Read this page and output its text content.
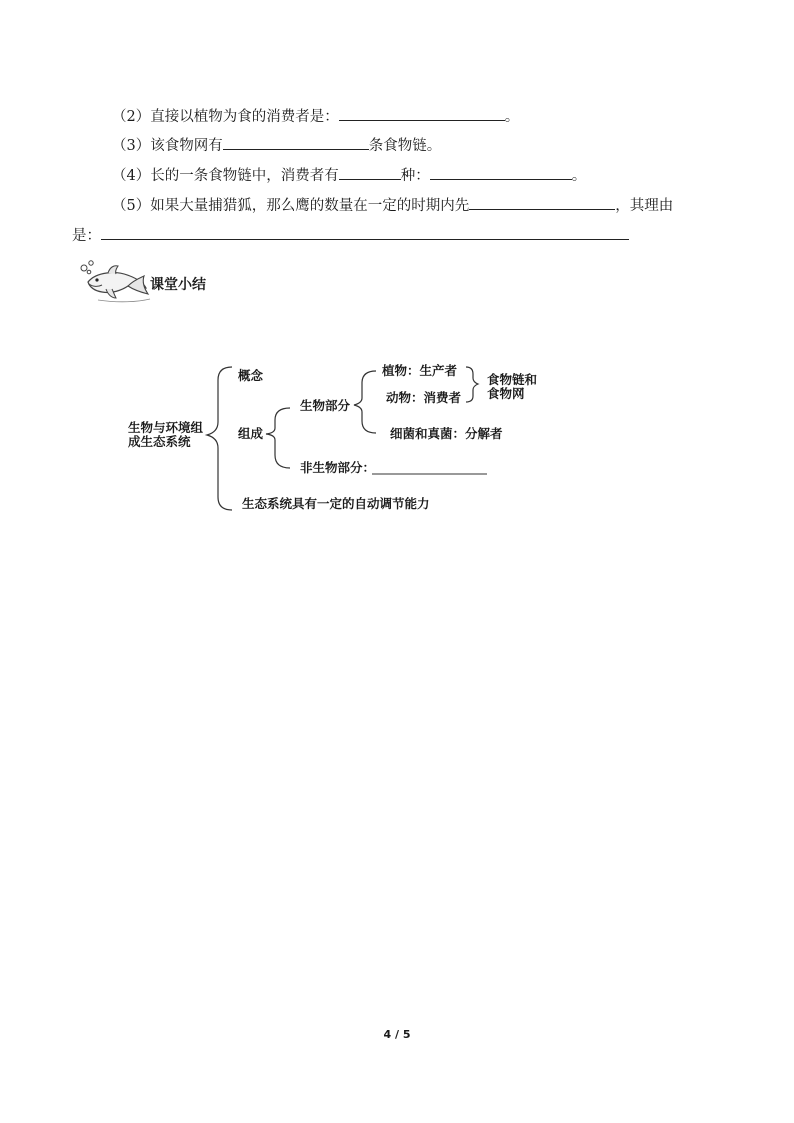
（2）直接以植物为食的消费者是：	。
（3）该食物网有	条食物链。
（4）长的一条食物链中，消费者有	种：	。
（5）如果大量捕猎狐，那么鹰的数量在一定的时期内先	，其理由
是：
课堂小结
生物与环境组
成生态系统
概念
组成
生物部分
植物：生产者
动物：消费者
食物链和
食物网
细菌和真菌：分解者
非生物部分：
生态系统具有一定的自动调节能力
4 / 5
